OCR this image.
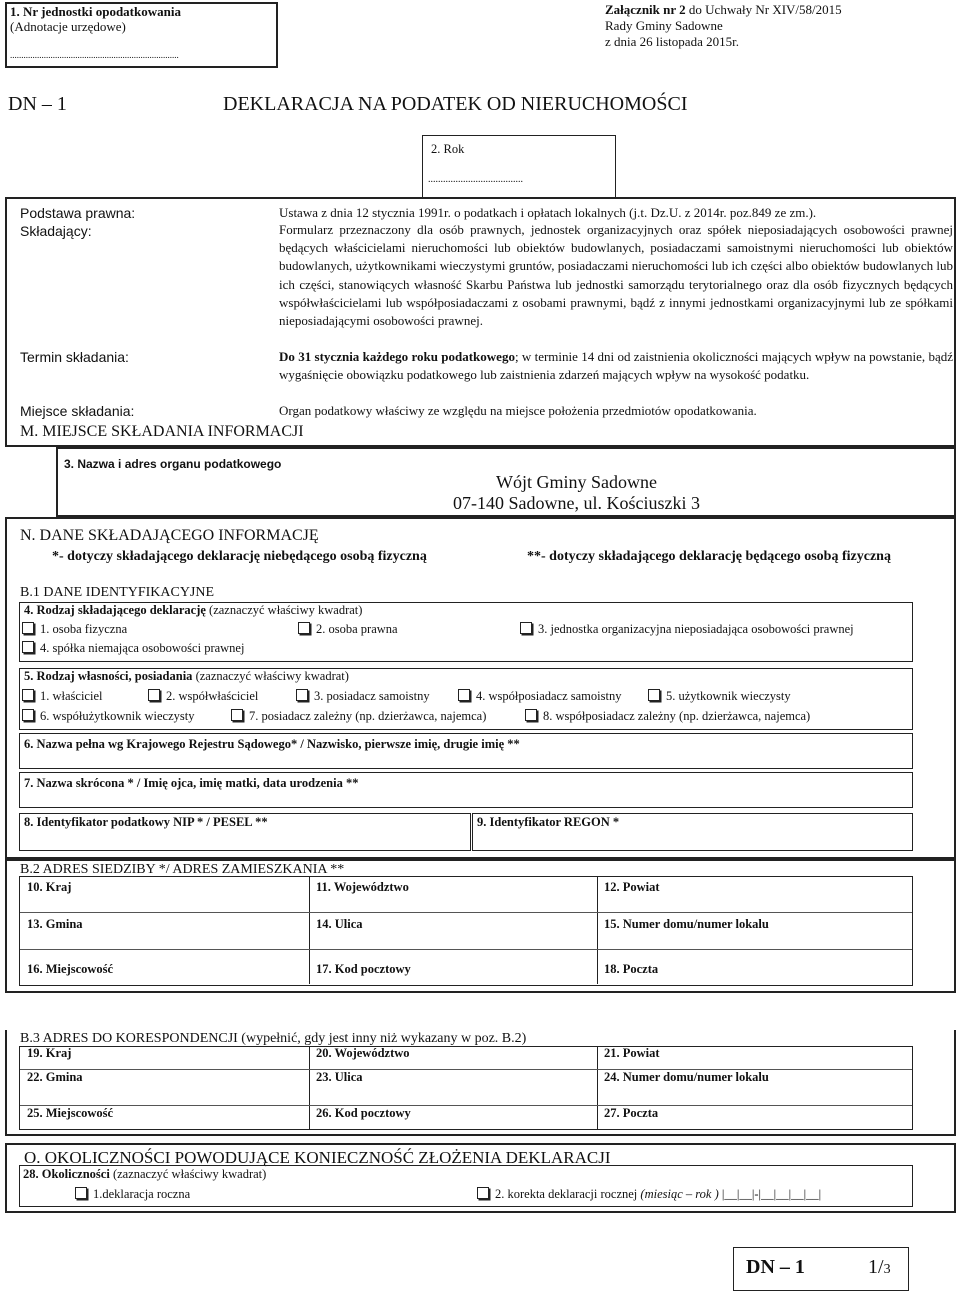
1. Nr jednostki opodatkowania
(Adnotacje urzędowe)
...........................................................................
Załącznik nr 2 do Uchwały Nr XIV/58/2015
Rady Gminy Sadowne
z dnia 26 listopada 2015r.
DN – 1	DEKLARACJA NA PODATEK OD NIERUCHOMOŚCI
2. Rok
......................................
Podstawa prawna:	Ustawa z dnia 12 stycznia 1991r. o podatkach i opłatach lokalnych (j.t. Dz.U. z 2014r. poz.849 ze zm.).
Składający:	Formularz przeznaczony dla osób prawnych, jednostek organizacyjnych oraz spółek nieposiadających osobowości prawnej będących właścicielami nieruchomości lub obiektów budowlanych, posiadaczami samoistnymi nieruchomości lub obiektów budowlanych, użytkownikami wieczystymi gruntów, posiadaczami nieruchomości lub ich części albo obiektów budowlanych lub ich części, stanowiących własność Skarbu Państwa lub jednostki samorządu terytorialnego oraz dla osób fizycznych będących współwłaścicielami lub współposiadaczami z osobami prawnymi, bądź z innymi jednostkami organizacyjnymi lub ze spółkami nieposiadającymi osobowości prawnej.
Termin składania:	Do 31 stycznia każdego roku podatkowego; w terminie 14 dni od zaistnienia okoliczności mających wpływ na powstanie, bądź wygaśnięcie obowiązku podatkowego lub zaistnienia zdarzeń mających wpływ na wysokość podatku.
Miejsce składania:	Organ podatkowy właściwy ze względu na miejsce położenia przedmiotów opodatkowania.
M. MIEJSCE SKŁADANIA INFORMACJI
3. Nazwa i adres organu podatkowego
Wójt Gminy Sadowne
07-140 Sadowne, ul. Kościuszki 3
N. DANE SKŁADAJĄCEGO INFORMACJĘ
*- dotyczy składającego deklarację niebędącego osobą fizyczną	**- dotyczy składającego deklarację będącego osobą fizyczną
B.1 DANE IDENTYFIKACYJNE
4. Rodzaj składającego deklarację (zaznaczyć właściwy kwadrat)
1. osoba fizyczna	2. osoba prawna	3. jednostka organizacyjna nieposiadająca osobowości prawnej
4. spółka niemająca osobowości prawnej
5. Rodzaj własności, posiadania (zaznaczyć właściwy kwadrat)
1. właściciel	2. współwłaściciel	3. posiadacz samoistny	4. współposiadacz samoistny	5. użytkownik wieczysty
6. współużytkownik wieczysty	7. posiadacz zależny (np. dzierżawca, najemca)	8. współposiadacz zależny (np. dzierżawca, najemca)
6. Nazwa pełna wg Krajowego Rejestru Sądowego* / Nazwisko, pierwsze imię, drugie imię **
7. Nazwa skrócona * / Imię ojca, imię matki, data urodzenia **
8. Identyfikator podatkowy NIP * / PESEL **	9. Identyfikator REGON *
B.2 ADRES SIEDZIBY */ ADRES ZAMIESZKANIA **
10. Kraj	11. Województwo	12. Powiat
13. Gmina	14. Ulica	15. Numer domu/numer lokalu
16. Miejscowość	17. Kod pocztowy	18. Poczta
B.3 ADRES DO KORESPONDENCJI (wypełnić, gdy jest inny niż wykazany w poz. B.2)
19. Kraj	20. Województwo	21. Powiat
22. Gmina	23. Ulica	24. Numer domu/numer lokalu
25. Miejscowość	26. Kod pocztowy	27. Poczta
O. OKOLICZNOŚCI POWODUJĄCE KONIECZNOŚĆ ZŁOŻENIA DEKLARACJI
28. Okoliczności (zaznaczyć właściwy kwadrat)
1.deklaracja roczna	2. korekta deklaracji rocznej (miesiąc – rok ) |__|__|-|__|__|__|__|
DN – 1	1/3
